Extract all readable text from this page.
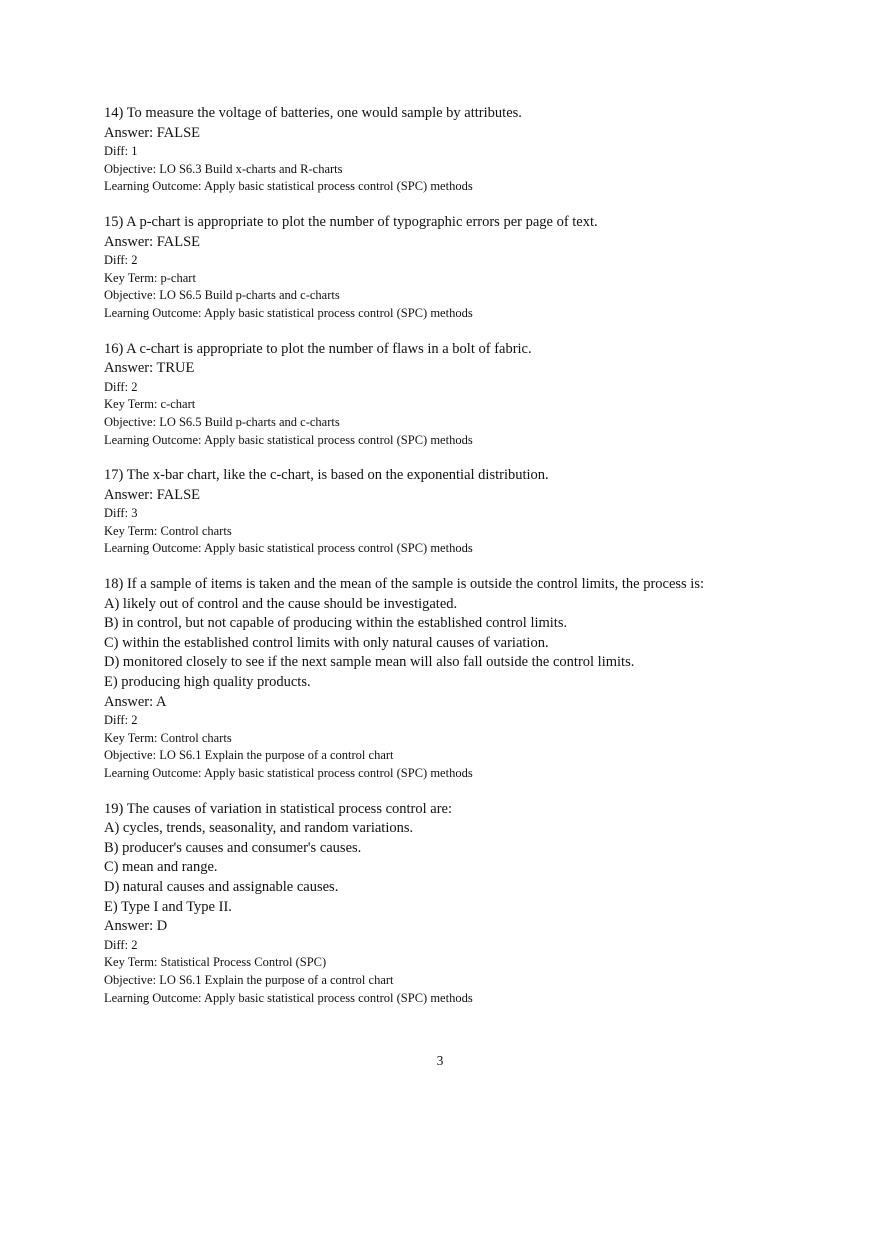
14) To measure the voltage of batteries, one would sample by attributes.
Answer: FALSE
Diff: 1
Objective: LO S6.3 Build x-charts and R-charts
Learning Outcome: Apply basic statistical process control (SPC) methods
15) A p-chart is appropriate to plot the number of typographic errors per page of text.
Answer: FALSE
Diff: 2
Key Term: p-chart
Objective: LO S6.5 Build p-charts and c-charts
Learning Outcome: Apply basic statistical process control (SPC) methods
16) A c-chart is appropriate to plot the number of flaws in a bolt of fabric.
Answer: TRUE
Diff: 2
Key Term: c-chart
Objective: LO S6.5 Build p-charts and c-charts
Learning Outcome: Apply basic statistical process control (SPC) methods
17) The x-bar chart, like the c-chart, is based on the exponential distribution.
Answer: FALSE
Diff: 3
Key Term: Control charts
Learning Outcome: Apply basic statistical process control (SPC) methods
18) If a sample of items is taken and the mean of the sample is outside the control limits, the process is:
A) likely out of control and the cause should be investigated.
B) in control, but not capable of producing within the established control limits.
C) within the established control limits with only natural causes of variation.
D) monitored closely to see if the next sample mean will also fall outside the control limits.
E) producing high quality products.
Answer: A
Diff: 2
Key Term: Control charts
Objective: LO S6.1 Explain the purpose of a control chart
Learning Outcome: Apply basic statistical process control (SPC) methods
19) The causes of variation in statistical process control are:
A) cycles, trends, seasonality, and random variations.
B) producer's causes and consumer's causes.
C) mean and range.
D) natural causes and assignable causes.
E) Type I and Type II.
Answer: D
Diff: 2
Key Term: Statistical Process Control (SPC)
Objective: LO S6.1 Explain the purpose of a control chart
Learning Outcome: Apply basic statistical process control (SPC) methods
3
